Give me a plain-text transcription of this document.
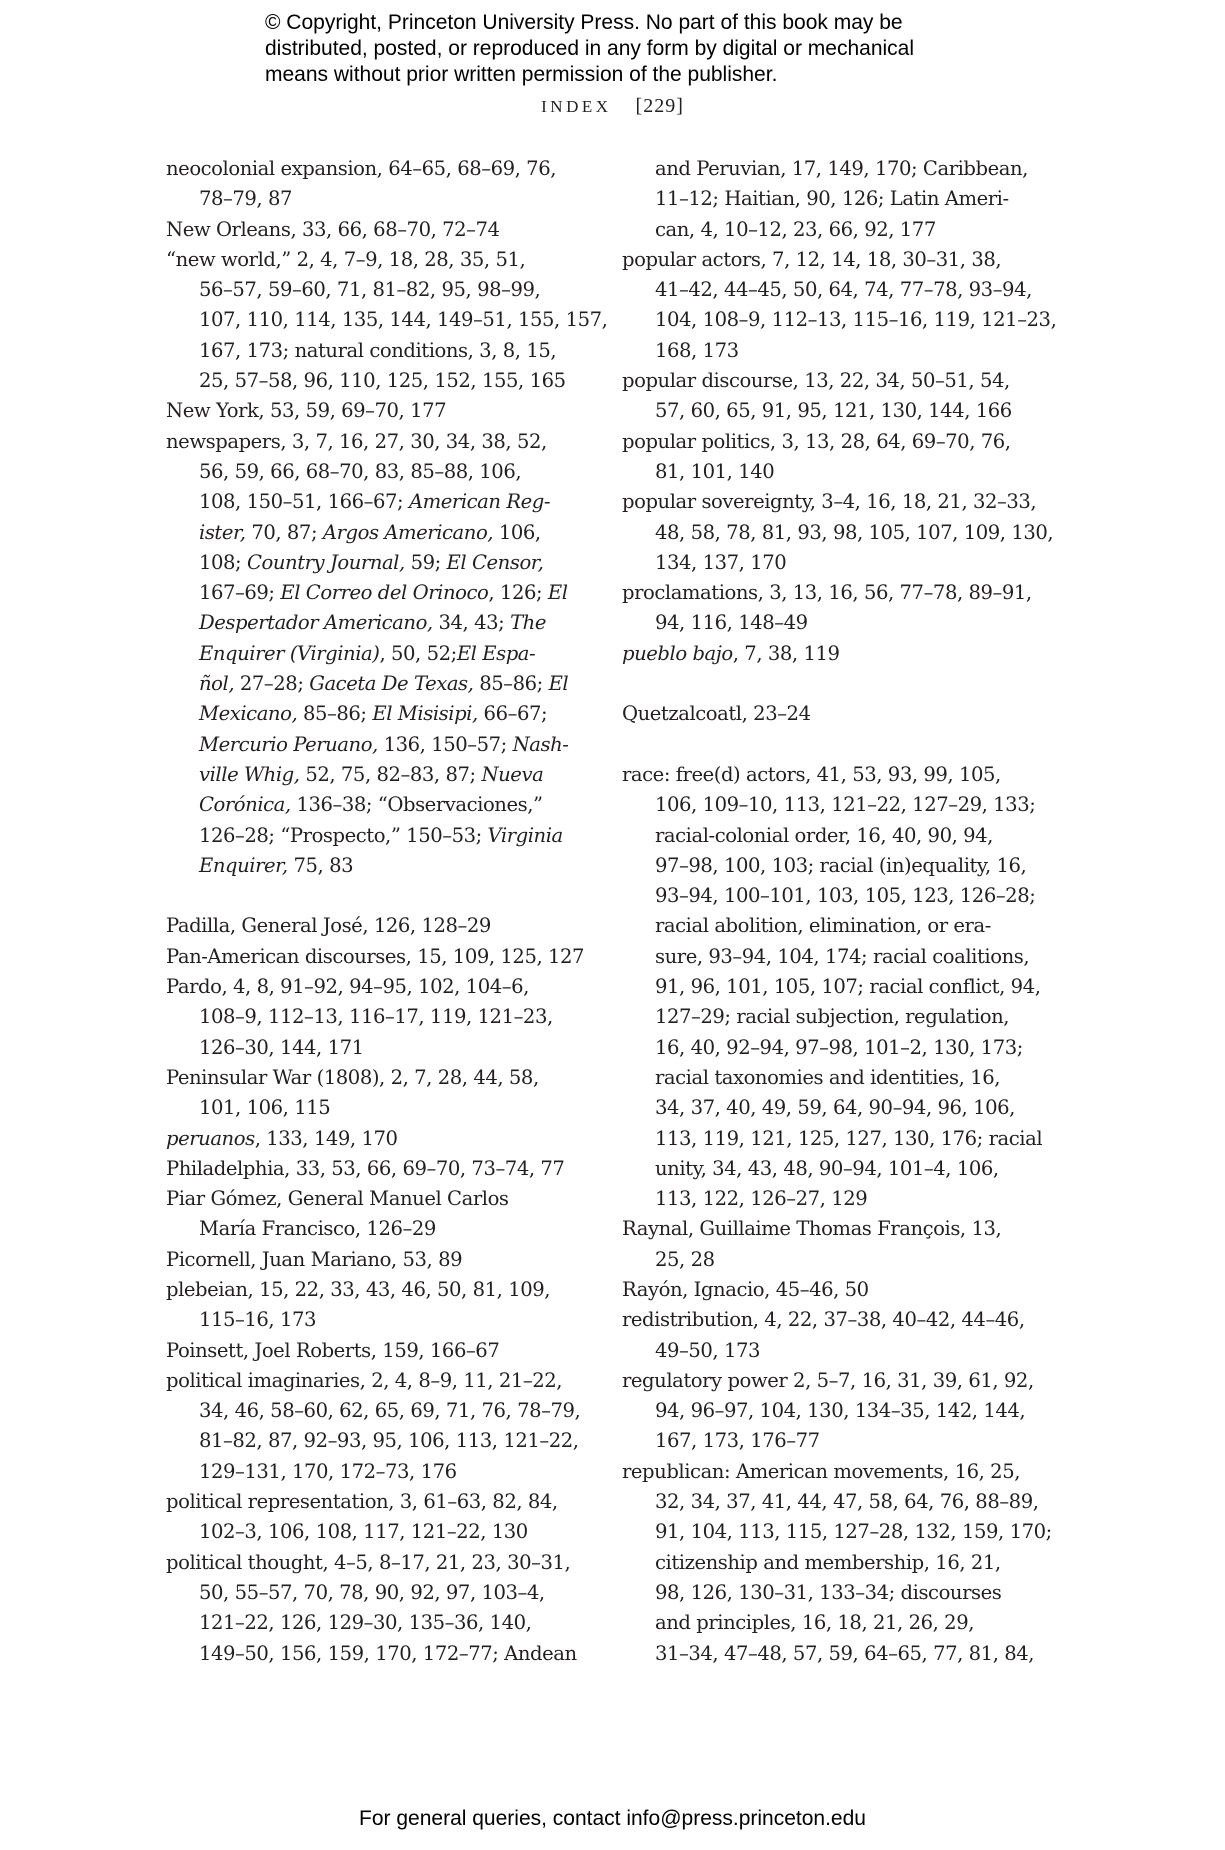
© Copyright, Princeton University Press. No part of this book may be
distributed, posted, or reproduced in any form by digital or mechanical
means without prior written permission of the publisher.
INDEX [229]
neocolonial expansion, 64–65, 68–69, 76,
78–79, 87
New Orleans, 33, 66, 68–70, 72–74
“new world,” 2, 4, 7–9, 18, 28, 35, 51,
56–57, 59–60, 71, 81–82, 95, 98–99,
107, 110, 114, 135, 144, 149–51, 155, 157,
167, 173; natural conditions, 3, 8, 15,
25, 57–58, 96, 110, 125, 152, 155, 165
New York, 53, 59, 69–70, 177
newspapers, 3, 7, 16, 27, 30, 34, 38, 52,
56, 59, 66, 68–70, 83, 85–88, 106,
108, 150–51, 166–67; American Reg-
ister, 70, 87; Argos Americano, 106,
108; Country Journal, 59; El Censor,
167–69; El Correo del Orinoco, 126; El
Despertador Americano, 34, 43; The
Enquirer (Virginia), 50, 52;El Espa-
ñol, 27–28; Gaceta De Texas, 85–86; El
Mexicano, 85–86; El Misisipi, 66–67;
Mercurio Peruano, 136, 150–57; Nash-
ville Whig, 52, 75, 82–83, 87; Nueva
Corónica, 136–38; “Observaciones,”
126–28; “Prospecto,” 150–53; Virginia
Enquirer, 75, 83
Padilla, General José, 126, 128–29
Pan-American discourses, 15, 109, 125, 127
Pardo, 4, 8, 91–92, 94–95, 102, 104–6,
108–9, 112–13, 116–17, 119, 121–23,
126–30, 144, 171
Peninsular War (1808), 2, 7, 28, 44, 58,
101, 106, 115
peruanos, 133, 149, 170
Philadelphia, 33, 53, 66, 69–70, 73–74, 77
Piar Gómez, General Manuel Carlos
María Francisco, 126–29
Picornell, Juan Mariano, 53, 89
plebeian, 15, 22, 33, 43, 46, 50, 81, 109,
115–16, 173
Poinsett, Joel Roberts, 159, 166–67
political imaginaries, 2, 4, 8–9, 11, 21–22,
34, 46, 58–60, 62, 65, 69, 71, 76, 78–79,
81–82, 87, 92–93, 95, 106, 113, 121–22,
129–131, 170, 172–73, 176
political representation, 3, 61–63, 82, 84,
102–3, 106, 108, 117, 121–22, 130
political thought, 4–5, 8–17, 21, 23, 30–31,
50, 55–57, 70, 78, 90, 92, 97, 103–4,
121–22, 126, 129–30, 135–36, 140,
149–50, 156, 159, 170, 172–77; Andean
and Peruvian, 17, 149, 170; Caribbean,
11–12; Haitian, 90, 126; Latin Ameri-
can, 4, 10–12, 23, 66, 92, 177
popular actors, 7, 12, 14, 18, 30–31, 38,
41–42, 44–45, 50, 64, 74, 77–78, 93–94,
104, 108–9, 112–13, 115–16, 119, 121–23,
168, 173
popular discourse, 13, 22, 34, 50–51, 54,
57, 60, 65, 91, 95, 121, 130, 144, 166
popular politics, 3, 13, 28, 64, 69–70, 76,
81, 101, 140
popular sovereignty, 3–4, 16, 18, 21, 32–33,
48, 58, 78, 81, 93, 98, 105, 107, 109, 130,
134, 137, 170
proclamations, 3, 13, 16, 56, 77–78, 89–91,
94, 116, 148–49
pueblo bajo, 7, 38, 119
Quetzalcoatl, 23–24
race: free(d) actors, 41, 53, 93, 99, 105,
106, 109–10, 113, 121–22, 127–29, 133;
racial-colonial order, 16, 40, 90, 94,
97–98, 100, 103; racial (in)equality, 16,
93–94, 100–101, 103, 105, 123, 126–28;
racial abolition, elimination, or era-
sure, 93–94, 104, 174; racial coalitions,
91, 96, 101, 105, 107; racial conflict, 94,
127–29; racial subjection, regulation,
16, 40, 92–94, 97–98, 101–2, 130, 173;
racial taxonomies and identities, 16,
34, 37, 40, 49, 59, 64, 90–94, 96, 106,
113, 119, 121, 125, 127, 130, 176; racial
unity, 34, 43, 48, 90–94, 101–4, 106,
113, 122, 126–27, 129
Raynal, Guillaime Thomas François, 13,
25, 28
Rayón, Ignacio, 45–46, 50
redistribution, 4, 22, 37–38, 40–42, 44–46,
49–50, 173
regulatory power 2, 5–7, 16, 31, 39, 61, 92,
94, 96–97, 104, 130, 134–35, 142, 144,
167, 173, 176–77
republican: American movements, 16, 25,
32, 34, 37, 41, 44, 47, 58, 64, 76, 88–89,
91, 104, 113, 115, 127–28, 132, 159, 170;
citizenship and membership, 16, 21,
98, 126, 130–31, 133–34; discourses
and principles, 16, 18, 21, 26, 29,
31–34, 47–48, 57, 59, 64–65, 77, 81, 84,
For general queries, contact info@press.princeton.edu
